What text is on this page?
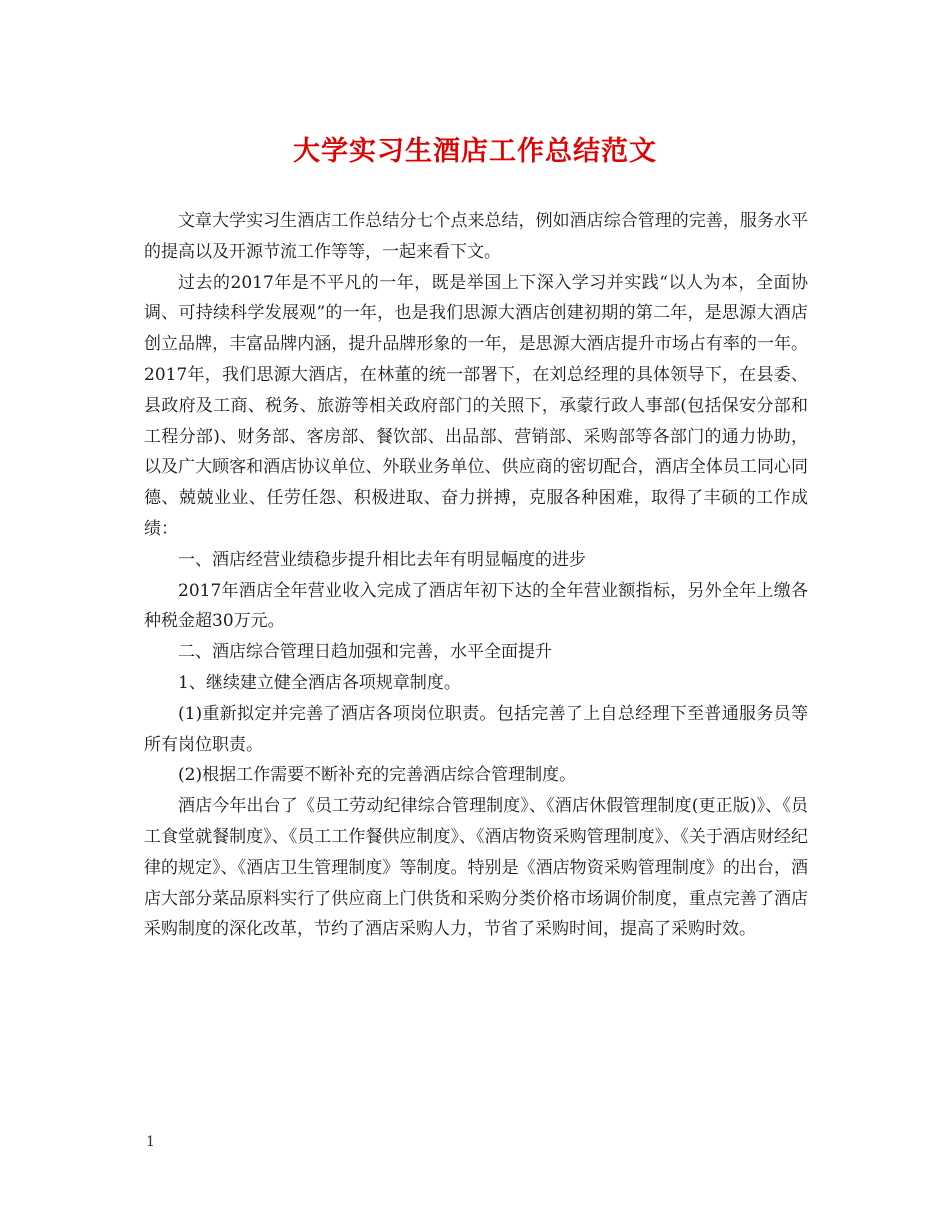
大学实习生酒店工作总结范文

文章大学实习生酒店工作总结分七个点来总结，例如酒店综合管理的完善，服务水平的提高以及开源节流工作等等，一起来看下文。

过去的2017年是不平凡的一年，既是举国上下深入学习并实践“以人为本，全面协调、可持续科学发展观”的一年，也是我们思源大酒店创建初期的第二年，是思源大酒店创立品牌，丰富品牌内涵，提升品牌形象的一年，是思源大酒店提升市场占有率的一年。2017年，我们思源大酒店，在林董的统一部署下，在刘总经理的具体领导下，在县委、县政府及工商、税务、旅游等相关政府部门的关照下，承蒙行政人事部(包括保安分部和工程分部)、财务部、客房部、餐饮部、出品部、营销部、采购部等各部门的通力协助，以及广大顾客和酒店协议单位、外联业务单位、供应商的密切配合，酒店全体员工同心同德、兢兢业业、任劳任怨、积极进取、奋力拼搏，克服各种困难，取得了丰硕的工作成绩：

一、酒店经营业绩稳步提升相比去年有明显幅度的进步

2017年酒店全年营业收入完成了酒店年初下达的全年营业额指标，另外全年上缴各种税金超30万元。

二、酒店综合管理日趋加强和完善，水平全面提升

1、继续建立健全酒店各项规章制度。

(1)重新拟定并完善了酒店各项岗位职责。包括完善了上自总经理下至普通服务员等所有岗位职责。

(2)根据工作需要不断补充的完善酒店综合管理制度。

酒店今年出台了《员工劳动纪律综合管理制度》、《酒店休假管理制度(更正版)》、《员工食堂就餐制度》、《员工工作餐供应制度》、《酒店物资采购管理制度》、《关于酒店财经纪律的规定》、《酒店卫生管理制度》等制度。特别是《酒店物资采购管理制度》的出台，酒店大部分菜品原料实行了供应商上门供货和采购分类价格市场调价制度，重点完善了酒店采购制度的深化改革，节约了酒店采购人力，节省了采购时间，提高了采购时效。

1
